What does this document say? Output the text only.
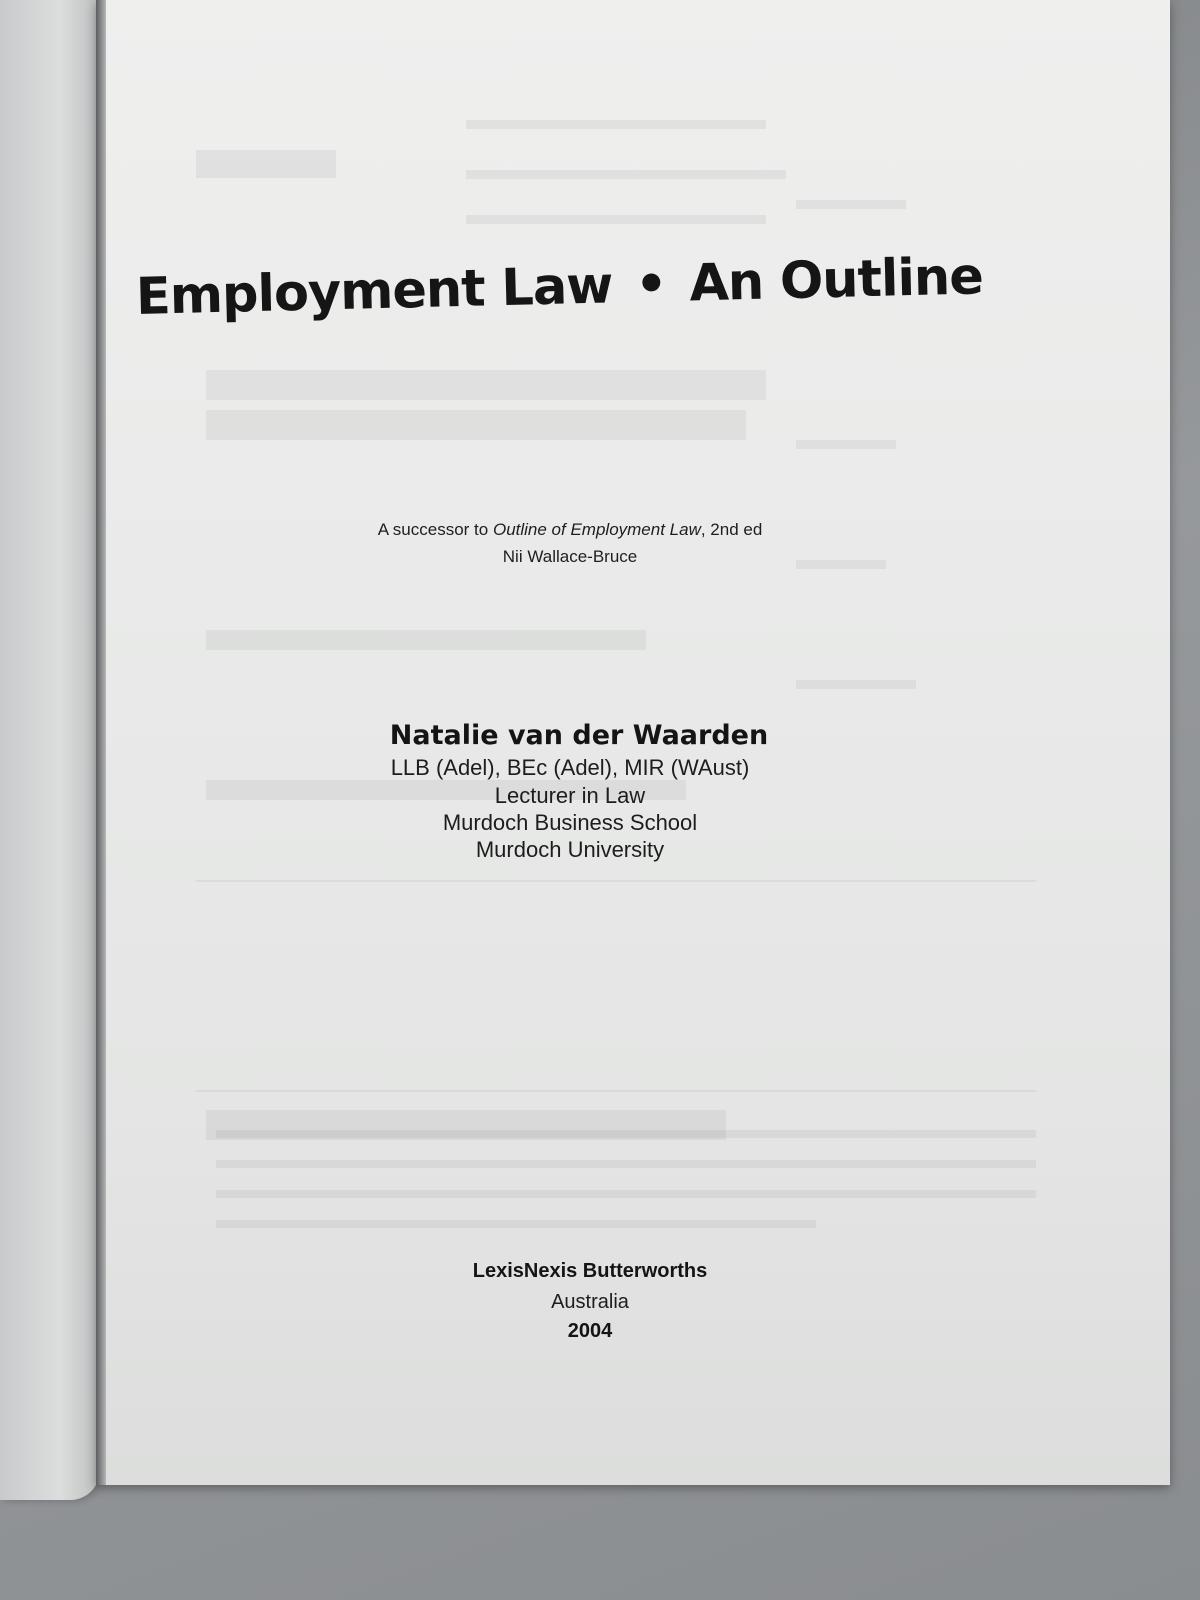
Employment Law • An Outline
A successor to Outline of Employment Law, 2nd ed
Nii Wallace-Bruce
Natalie van der Waarden
LLB (Adel), BEc (Adel), MIR (WAust)
Lecturer in Law
Murdoch Business School
Murdoch University
LexisNexis Butterworths
Australia
2004
